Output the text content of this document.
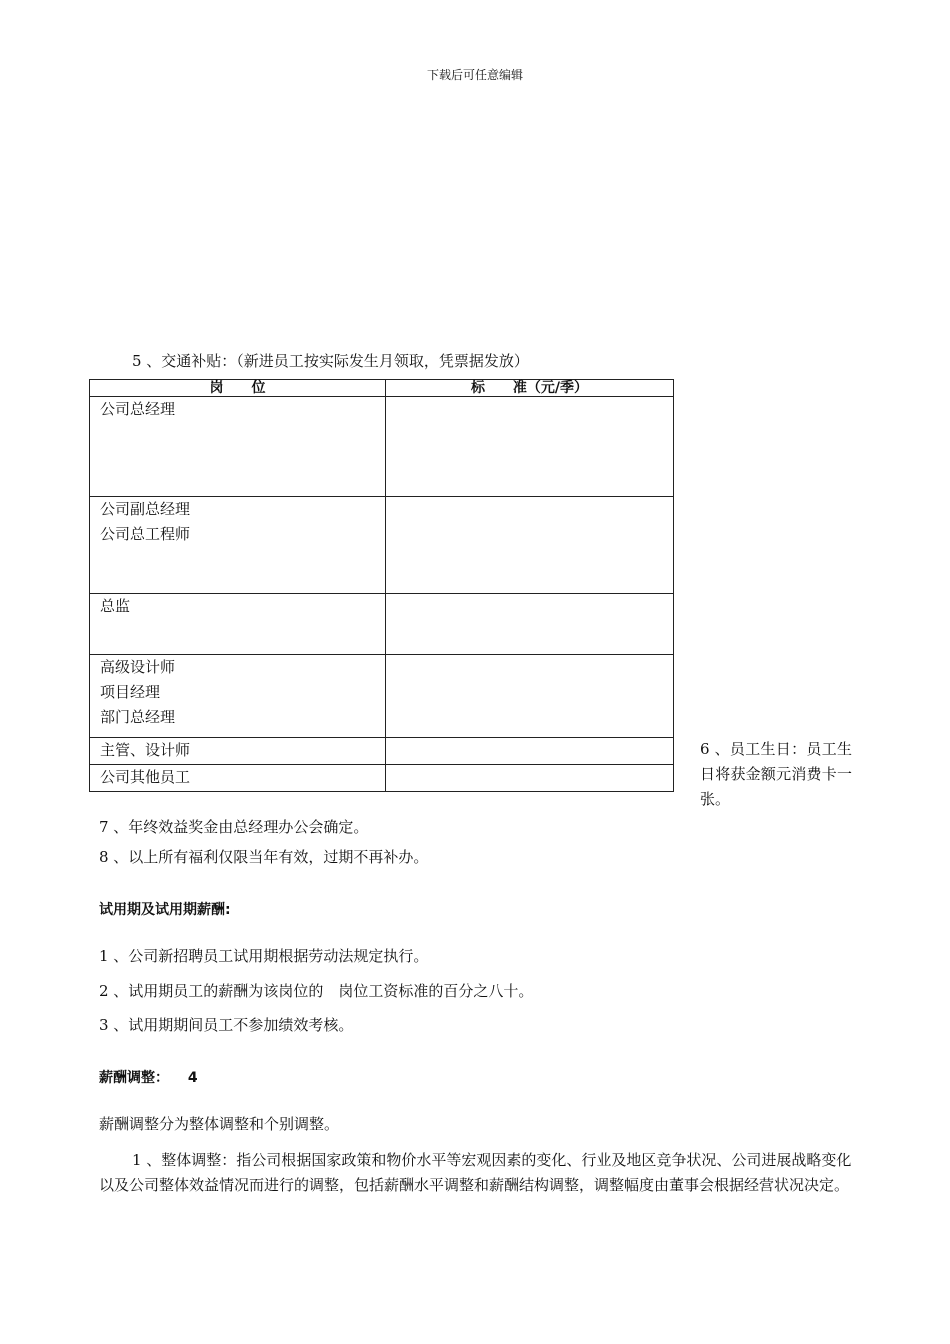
下载后可任意编辑
5 、交通补贴：（新进员工按实际发生月领取，凭票据发放）
岗　　位	标　　准（元/季）

公司总经理	

公司副总经理
公司总工程师	

总监	

高级设计师
项目经理
部门总经理	

主管、设计师	

公司其他员工	

6 、员工生日：员工生日将获金额元消费卡一张。
7 、年终效益奖金由总经理办公会确定。
8 、以上所有福利仅限当年有效，过期不再补办。
试用期及试用期薪酬:
1 、公司新招聘员工试用期根据劳动法规定执行。
2 、试用期员工的薪酬为该岗位的　岗位工资标准的百分之八十。
3 、试用期期间员工不参加绩效考核。
薪酬调整： 4
薪酬调整分为整体调整和个别调整。
1 、整体调整：指公司根据国家政策和物价水平等宏观因素的变化、行业及地区竞争状况、公司进展战略变化以及公司整体效益情况而进行的调整，包括薪酬水平调整和薪酬结构调整，调整幅度由董事会根据经营状况决定。
